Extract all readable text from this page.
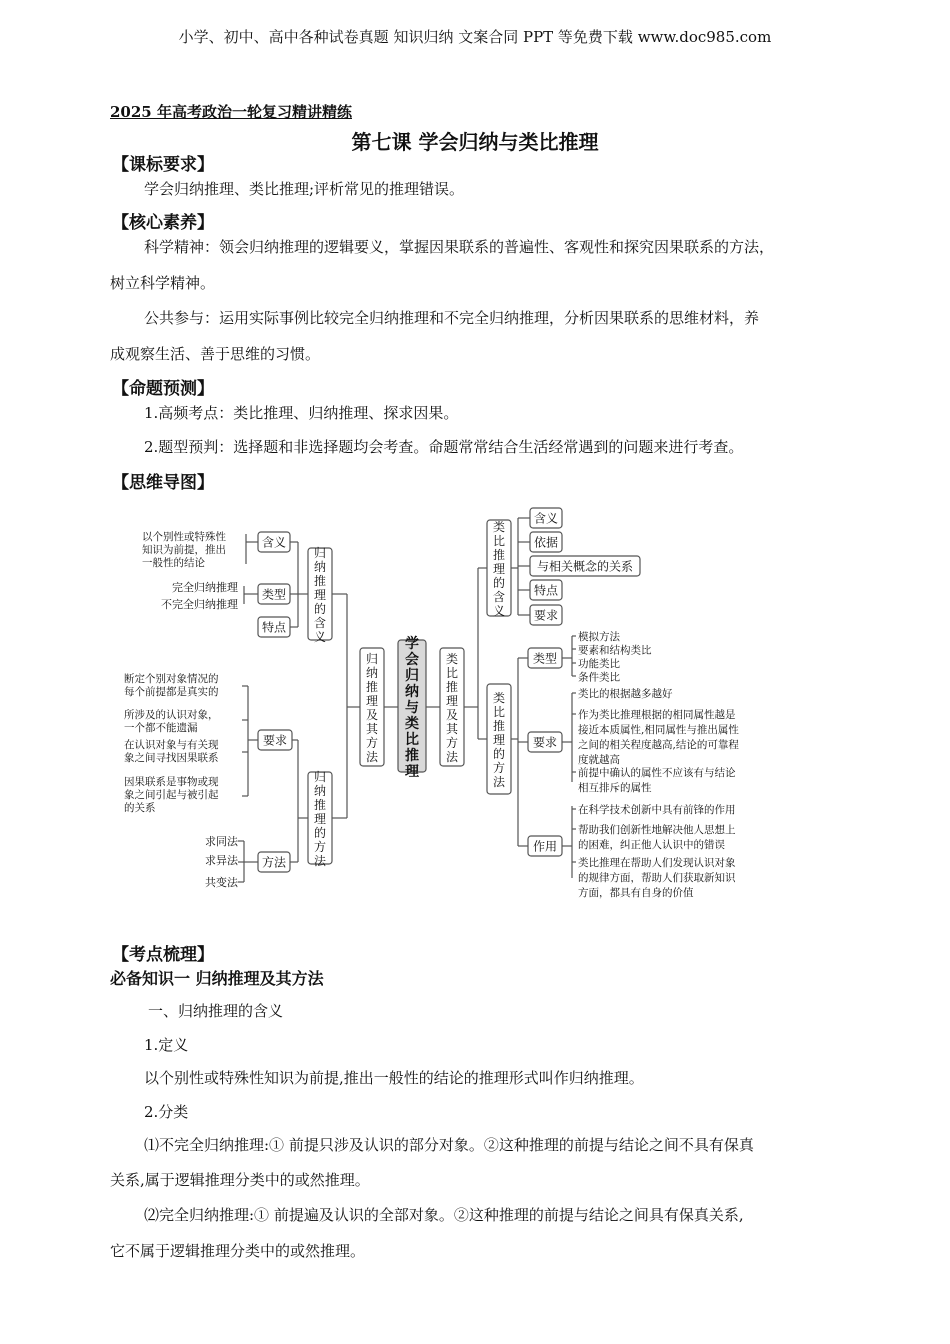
小学、初中、高中各种试卷真题 知识归纳 文案合同 PPT 等免费下载 www.doc985.com
2025 年高考政治一轮复习精讲精练
第七课 学会归纳与类比推理
【课标要求】
学会归纳推理、类比推理;评析常见的推理错误。
【核心素养】
科学精神：领会归纳推理的逻辑要义，掌握因果联系的普遍性、客观性和探究因果联系的方法，
树立科学精神。
公共参与：运用实际事例比较完全归纳推理和不完全归纳推理，分析因果联系的思维材料，养
成观察生活、善于思维的习惯。
【命题预测】
1.高频考点：类比推理、归纳推理、探求因果。
2.题型预判：选择题和非选择题均会考查。命题常常结合生活经常遇到的问题来进行考查。
【思维导图】
学
会
归
纳
与
类
比
推
理
归
纳
推
理
及
其
方
法
类
比
推
理
及
其
方
法
归
纳
推
理
的
含
义
归
纳
推
理
的
方
法
含义
类型
特点
以个别性或特殊性
知识为前提，推出
一般性的结论
完全归纳推理
不完全归纳推理
要求
方法
断定个别对象情况的
每个前提都是真实的
所涉及的认识对象，
一个都不能遗漏
在认识对象与有关现
象之间寻找因果联系
因果联系是事物或现
象之间引起与被引起
的关系
求同法
求异法
共变法
类
比
推
理
的
含
义
类
比
推
理
的
方
法
含义
依据
与相关概念的关系
特点
要求
类型
要求
作用
模拟方法
要素和结构类比
功能类比
条件类比
类比的根据越多越好
作为类比推理根据的相同属性越是
接近本质属性,相同属性与推出属性
之间的相关程度越高,结论的可靠程
度就越高
前提中确认的属性不应该有与结论
相互排斥的属性
在科学技术创新中具有前锋的作用
帮助我们创新性地解决他人思想上
的困难，纠正他人认识中的错误
类比推理在帮助人们发现认识对象
的规律方面，帮助人们获取新知识
方面，都具有自身的价值
【考点梳理】
必备知识一 归纳推理及其方法
一、归纳推理的含义
1.定义
以个别性或特殊性知识为前提,推出一般性的结论的推理形式叫作归纳推理。
2.分类
⑴不完全归纳推理:① 前提只涉及认识的部分对象。②这种推理的前提与结论之间不具有保真
关系,属于逻辑推理分类中的或然推理。
⑵完全归纳推理:① 前提遍及认识的全部对象。②这种推理的前提与结论之间具有保真关系,
它不属于逻辑推理分类中的或然推理。
